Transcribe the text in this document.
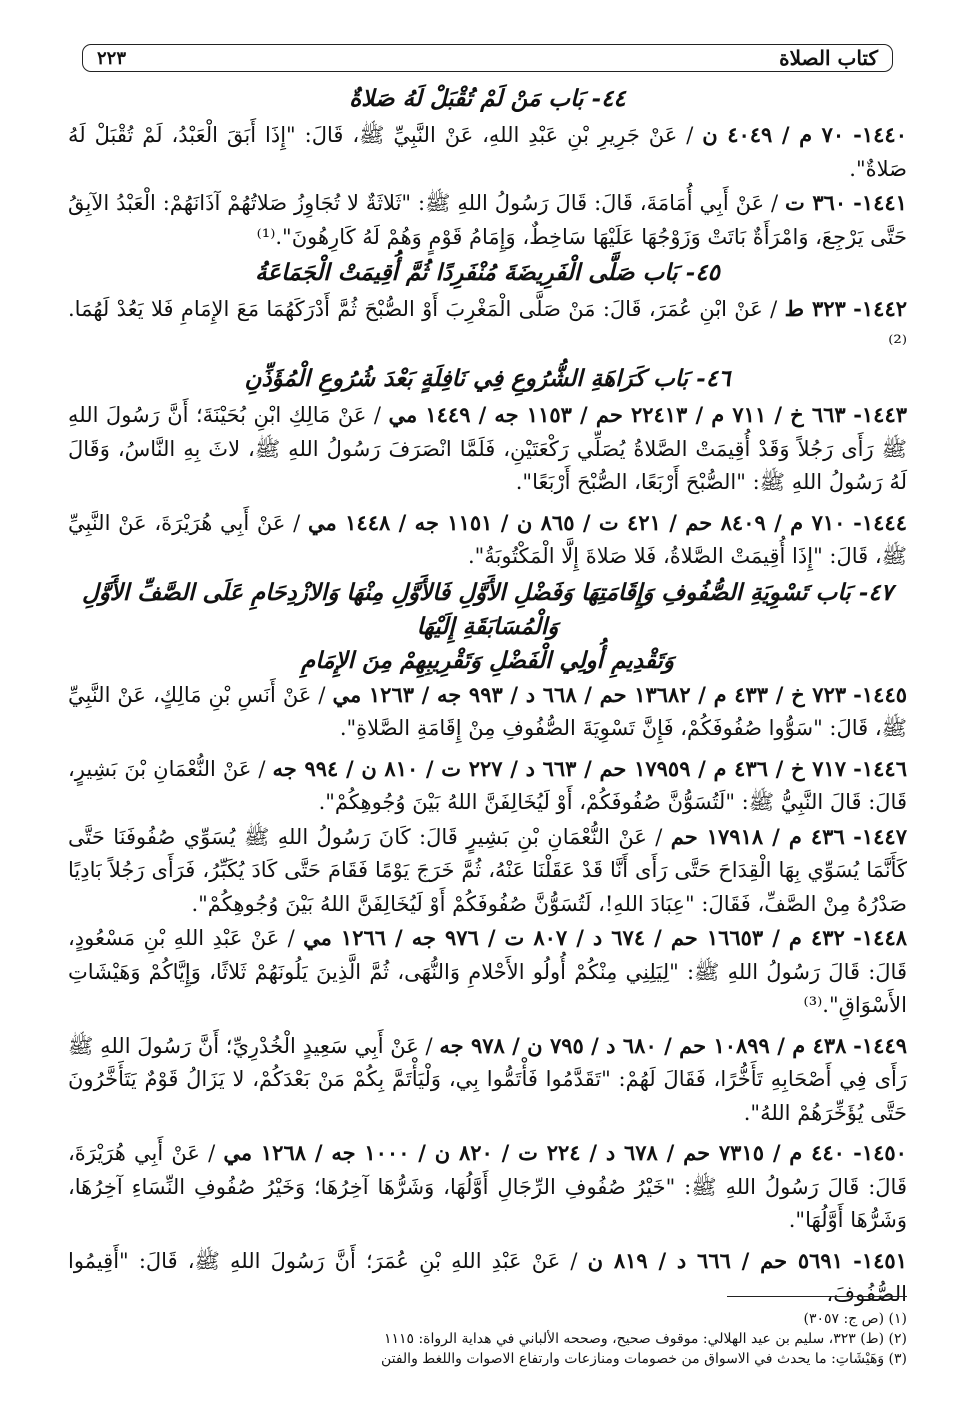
كتاب الصلاة
٢٢٣

٤٤- بَاب مَنْ لَمْ تُقْبَلْ لَهُ صَلاةٌ

١٤٤٠- ٧٠ م / ٤٠٤٩ ن / عَنْ جَرِيرِ بْنِ عَبْدِ اللهِ، عَنْ النَّبِيِّ ﷺ، قَالَ: "إِذَا أَبَقَ الْعَبْدُ، لَمْ تُقْبَلْ لَهُ صَلاةٌ".

١٤٤١- ٣٦٠ ت / عَنْ أَبِي أُمَامَةَ، قَالَ: قَالَ رَسُولُ اللهِ ﷺ: "ثَلاثَةٌ لا تُجَاوِزُ صَلاتُهُمْ آذَانَهُمْ: الْعَبْدُ الآبِقُ حَتَّى يَرْجِعَ، وَامْرَأَةٌ بَاتَتْ وَزَوْجُهَا عَلَيْهَا سَاخِطٌ، وَإِمَامُ قَوْمٍ وَهُمْ لَهُ كَارِهُونَ".⁽¹⁾

٤٥- بَاب صَلَّى الْفَرِيضَةَ مُنْفَرِدًا ثُمَّ أُقِيمَتْ الْجَمَاعَةُ

١٤٤٢- ٣٢٣ ط / عَنْ ابْنِ عُمَرَ، قَالَ: مَنْ صَلَّى الْمَغْرِبَ أَوْ الصُّبْحَ ثُمَّ أَدْرَكَهُمَا مَعَ الإِمَامِ فَلا يَعُدْ لَهُمَا.⁽²⁾

٤٦- بَاب كَرَاهَةِ الشُّرُوعِ فِي نَافِلَةٍ بَعْدَ شُرُوعِ الْمُؤَذِّنِ

١٤٤٣- ٦٦٣ خ / ٧١١ م / ٢٢٤١٣ حم / ١١٥٣ جه / ١٤٤٩ مي / عَنْ مَالِكِ ابْنِ بُحَيْنَةَ؛ أَنَّ رَسُولَ اللهِ ﷺ رَأَى رَجُلاً وَقَدْ أُقِيمَتْ الصَّلاةُ يُصَلِّي رَكْعَتَيْنِ، فَلَمَّا انْصَرَفَ رَسُولُ اللهِ ﷺ، لاثَ بِهِ النَّاسُ، وَقَالَ لَهُ رَسُولُ اللهِ ﷺ: "الصُّبْحَ أَرْبَعًا، الصُّبْحَ أَرْبَعًا".

١٤٤٤- ٧١٠ م / ٨٤٠٩ حم / ٤٢١ ت / ٨٦٥ ن / ١١٥١ جه / ١٤٤٨ مي / عَنْ أَبِي هُرَيْرَةَ، عَنْ النَّبِيِّ ﷺ، قَالَ: "إِذَا أُقِيمَتْ الصَّلاةُ، فَلا صَلاةَ إِلَّا الْمَكْتُوبَةُ".

٤٧- بَاب تَسْوِيَةِ الصُّفُوفِ وَإِقَامَتِهَا وَفَضْلِ الأَوَّلِ فَالأَوَّلِ مِنْهَا وَالازْدِحَامِ عَلَى الصَّفِّ الأَوَّلِ وَالْمُسَابَقَةِ إِلَيْهَا

وَتَقْدِيمِ أُولِي الْفَضْلِ وَتَقْرِيبِهِمْ مِنَ الإِمَامِ

١٤٤٥- ٧٢٣ خ / ٤٣٣ م / ١٣٦٨٢ حم / ٦٦٨ د / ٩٩٣ جه / ١٢٦٣ مي / عَنْ أَنَسِ بْنِ مَالِكٍ، عَنْ النَّبِيِّ ﷺ، قَالَ: "سَوُّوا صُفُوفَكُمْ، فَإِنَّ تَسْوِيَةَ الصُّفُوفِ مِنْ إِقَامَةِ الصَّلاةِ".

١٤٤٦- ٧١٧ خ / ٤٣٦ م / ١٧٩٥٩ حم / ٦٦٣ د / ٢٢٧ ت / ٨١٠ ن / ٩٩٤ جه / عَنْ النُّعْمَانِ بْنَ بَشِيرٍ، قَالَ: قَالَ النَّبِيُّ ﷺ: "لَتُسَوُّنَّ صُفُوفَكُمْ، أَوْ لَيُخَالِفَنَّ اللهُ بَيْنَ وُجُوهِكُمْ".

١٤٤٧- ٤٣٦ م / ١٧٩١٨ حم / عَنْ النُّعْمَانِ بْنِ بَشِيرٍ قَالَ: كَانَ رَسُولُ اللهِ ﷺ يُسَوِّي صُفُوفَنَا حَتَّى كَأَنَّمَا يُسَوِّي بِهَا الْقِدَاحَ حَتَّى رَأَى أَنَّا قَدْ عَقَلْنَا عَنْهُ، ثُمَّ خَرَجَ يَوْمًا فَقَامَ حَتَّى كَادَ يُكَبِّرُ، فَرَأَى رَجُلاً بَادِيًا صَدْرُهُ مِنْ الصَّفِّ، فَقَالَ: "عِبَادَ اللهِ!، لَتُسَوُّنَّ صُفُوفَكُمْ أَوْ لَيُخَالِفَنَّ اللهُ بَيْنَ وُجُوهِكُمْ".

١٤٤٨- ٤٣٢ م / ١٦٦٥٣ حم / ٦٧٤ د / ٨٠٧ ت / ٩٧٦ جه / ١٢٦٦ مي / عَنْ عَبْدِ اللهِ بْنِ مَسْعُودٍ، قَالَ: قَالَ رَسُولُ اللهِ ﷺ: "لِيَلِنِي مِنْكُمْ أُولُو الأَحْلامِ وَالنُّهَى، ثُمَّ الَّذِينَ يَلُونَهُمْ ثَلاثًا، وَإِيَّاكُمْ وَهَيْشَاتِ الأَسْوَاقِ".⁽³⁾

١٤٤٩- ٤٣٨ م / ١٠٨٩٩ حم / ٦٨٠ د / ٧٩٥ ن / ٩٧٨ جه / عَنْ أَبِي سَعِيدٍ الْخُدْرِيِّ؛ أَنَّ رَسُولَ اللهِ ﷺ رَأَى فِي أَصْحَابِهِ تَأَخُّرًا، فَقَالَ لَهُمْ: "تَقَدَّمُوا فَأْتَمُّوا بِي، وَلْيَأْتَمَّ بِكُمْ مَنْ بَعْدَكُمْ، لا يَزَالُ قَوْمٌ يَتَأَخَّرُونَ حَتَّى يُؤَخِّرَهُمْ اللهُ".

١٤٥٠- ٤٤٠ م / ٧٣١٥ حم / ٦٧٨ د / ٢٢٤ ت / ٨٢٠ ن / ١٠٠٠ جه / ١٢٦٨ مي / عَنْ أَبِي هُرَيْرَةَ، قَالَ: قَالَ رَسُولُ اللهِ ﷺ: "خَيْرُ صُفُوفِ الرِّجَالِ أَوَّلُهَا، وَشَرُّهَا آخِرُهَا؛ وَخَيْرُ صُفُوفِ النِّسَاءِ آخِرُهَا، وَشَرُّهَا أَوَّلُهَا".

١٤٥١- ٥٦٩١ حم / ٦٦٦ د / ٨١٩ ن / عَنْ عَبْدِ اللهِ بْنِ عُمَرَ؛ أَنَّ رَسُولَ اللهِ ﷺ، قَالَ: "أَقِيمُوا الصُّفُوفَ،

(١) (ص ج: ٣٠٥٧)

(٢) (ط) ٣٢٣، سليم بن عيد الهلالي: موقوف صحيح، وصححه الألباني في هداية الرواة: ١١١٥

(٣) وَهَيْشَاتِ: ما يحدث في الاسواق من خصومات ومنازعات وارتفاع الاصوات واللغط والفتن
